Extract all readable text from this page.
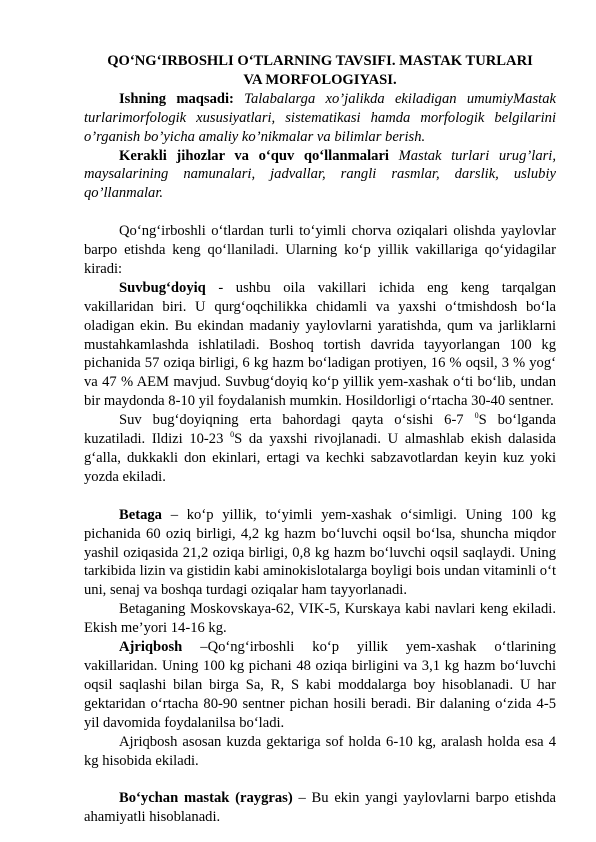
QO‘NG‘IRBOSHLI O‘TLARNING TAVSIFI. MASTAK TURLARI
VA MORFOLOGIYASI.

Ishning maqsadi: Talabalarga xo’jalikda ekiladigan umumiyMastak turlarimorfologik xususiyatlari, sistematikasi hamda morfologik belgilarini o’rganish bo’yicha amaliy ko’nikmalar va bilimlar berish.

Kerakli jihozlar va o‘quv qo‘llanmalari Mastak turlari urug’lari, maysalarining namunalari, jadvallar, rangli rasmlar, darslik, uslubiy qo’llanmalar.

Qo‘ng‘irboshli o‘tlardan turli to‘yimli chorva oziqalari olishda yaylovlar barpo etishda keng qo‘llaniladi. Ularning ko‘p yillik vakillariga qo‘yidagilar kiradi:

Suvbug‘doyiq - ushbu oila vakillari ichida eng keng tarqalgan vakillaridan biri. U qurg‘oqchilikka chidamli va yaxshi o‘tmishdosh bo‘la oladigan ekin. Bu ekindan madaniy yaylovlarni yaratishda, qum va jarliklarni mustahkamlashda ishlatiladi. Boshoq tortish davrida tayyorlangan 100 kg pichanida 57 oziqa birligi, 6 kg hazm bo‘ladigan protiyen, 16 % oqsil, 3 % yog‘ va 47 % AEM mavjud. Suvbug‘doyiq ko‘p yillik yem-xashak o‘ti bo‘lib, undan bir maydonda 8-10 yil foydalanish mumkin. Hosildorligi o‘rtacha 30-40 sentner.

Suv bug‘doyiqning erta bahordagi qayta o‘sishi 6-7 $^0$S bo‘lganda kuzatiladi. Ildizi 10-23 $^0$S da yaxshi rivojlanadi. U almashlab ekish dalasida g‘alla, dukkakli don ekinlari, ertagi va kechki sabzavotlardan keyin kuz yoki yozda ekiladi.

Betaga – ko‘p yillik, to‘yimli yem-xashak o‘simligi. Uning 100 kg pichanida 60 oziq birligi, 4,2 kg hazm bo‘luvchi oqsil bo‘lsa, shuncha miqdor yashil oziqasida 21,2 oziqa birligi, 0,8 kg hazm bo‘luvchi oqsil saqlaydi. Uning tarkibida lizin va gistidin kabi aminokislotalarga boyligi bois undan vitaminli o‘t uni, senaj va boshqa turdagi oziqalar ham tayyorlanadi.

Betaganing Moskovskaya-62, VIK-5, Kurskaya kabi navlari keng ekiladi. Ekish me’yori 14-16 kg.

Ajriqbosh –Qo‘ng‘irboshli ko‘p yillik yem-xashak o‘tlarining vakillaridan. Uning 100 kg pichani 48 oziqa birligini va 3,1 kg hazm bo‘luvchi oqsil saqlashi bilan birga Sa, R, S kabi moddalarga boy hisoblanadi. U har gektaridan o‘rtacha 80-90 sentner pichan hosili beradi. Bir dalaning o‘zida 4-5 yil davomida foydalanilsa bo‘ladi.

Ajriqbosh asosan kuzda gektariga sof holda 6-10 kg, aralash holda esa 4 kg hisobida ekiladi.

Bo‘ychan mastak (raygras) – Bu ekin yangi yaylovlarni barpo etishda ahamiyatli hisoblanadi.
